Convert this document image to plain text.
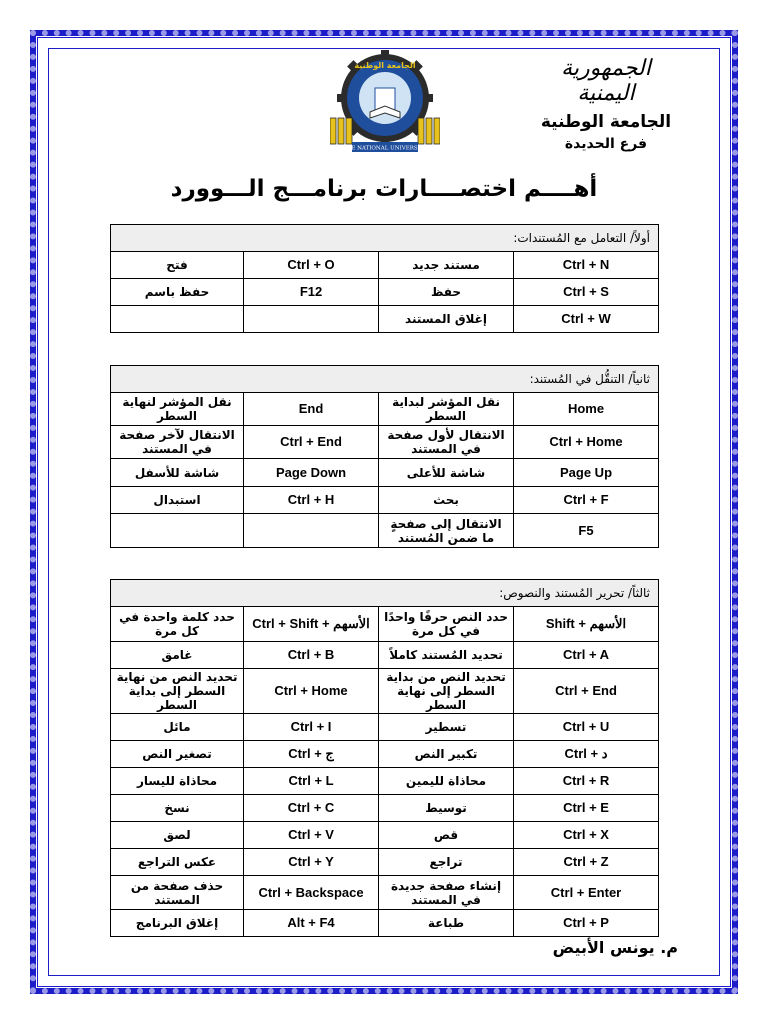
الجمهورية اليمنية
الجامعة الوطنية
فرع الحديدة
الجامعة الوطنية
THE NATIONAL UNIVERSITY
أهــــم اختصــــارات برنامـــج الـــوورد
أولاً/ التعامل مع المُستندات:			
Ctrl + N	مستند جديد	Ctrl + O	فتح
Ctrl + S	حفظ	F12	حفظ باسم
Ctrl + W	إغلاق المستند		
ثانياً/ التنقُّل في المُستند:			
Home	نقل المؤشر لبداية السطر	End	نقل المؤشر لنهاية السطر
Ctrl + Home	الانتقال لأول صفحة في المستند	Ctrl + End	الانتقال لآخر صفحة في المستند
Page Up	شاشة للأعلى	Page Down	شاشة للأسفل
Ctrl + F	بحث	Ctrl + H	استبدال
F5	الانتقال إلى صفحةٍ ما ضمن المُستند		
ثالثاً/ تحرير المُستند والنصوص:			
الأسهم + Shift	حدد النص حرفًا واحدًا في كل مرة	الأسهم + Ctrl + Shift	حدد كلمة واحدة في كل مرة
Ctrl + A	تحديد المُستند كاملاً	Ctrl + B	غامق
Ctrl + End	تحديد النص من بداية السطر إلى نهاية السطر	Ctrl + Home	تحديد النص من نهاية السطر إلى بداية السطر
Ctrl + U	تسطير	Ctrl + I	مائل
د + Ctrl	تكبير النص	ج + Ctrl	تصغير النص
Ctrl + R	محاذاة لليمين	Ctrl + L	محاذاة لليسار
Ctrl + E	توسيط	Ctrl + C	نسخ
Ctrl + X	قص	Ctrl + V	لصق
Ctrl + Z	تراجع	Ctrl + Y	عكس التراجع
Ctrl + Enter	إنشاء صفحة جديدة في المستند	Ctrl + Backspace	حذف صفحة من المستند
Ctrl + P	طباعة	Alt + F4	إغلاق البرنامج
م. يونس الأبيض
